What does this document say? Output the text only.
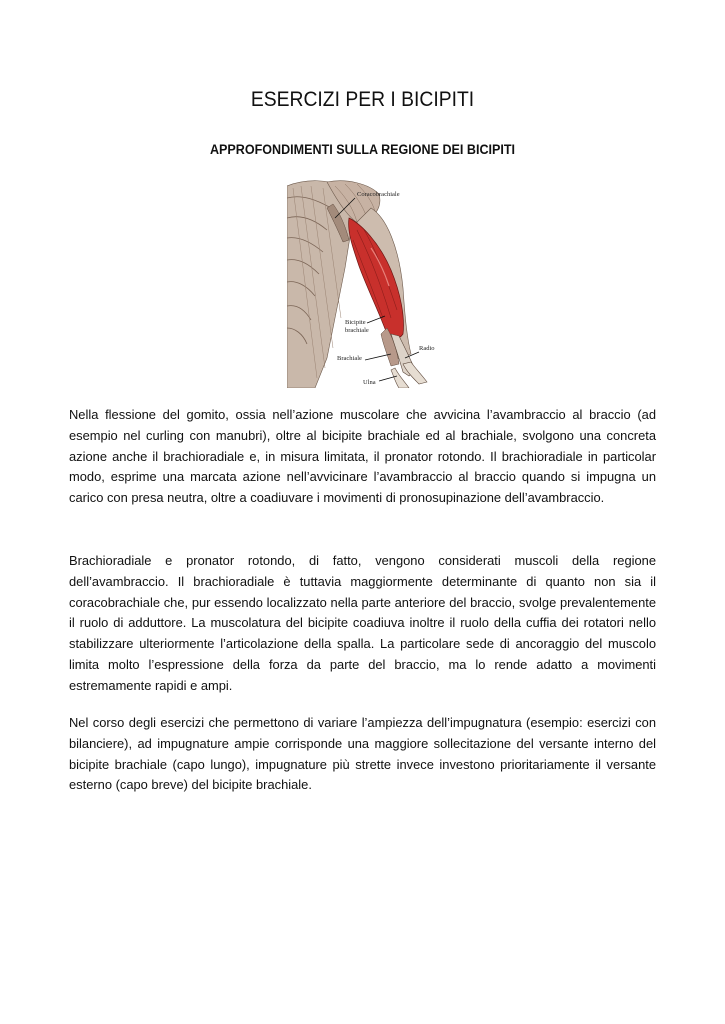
ESERCIZI PER I BICIPITI
APPROFONDIMENTI SULLA REGIONE DEI BICIPITI
Coracobrachiale
Bicipite
brachiale
Brachiale
Radio
Ulna

Nella flessione del gomito, ossia nell’azione muscolare che avvicina l’avambraccio al braccio (ad esempio nel curling con manubri), oltre al bicipite brachiale ed al brachiale, svolgono una concreta azione anche il brachioradiale e, in misura limitata, il pronator rotondo. Il brachioradiale in particolar modo, esprime una marcata azione nell’avvicinare l’avambraccio al braccio quando si impugna un carico con presa neutra, oltre a coadiuvare i movimenti di pronosupinazione dell’avambraccio.

Brachioradiale e pronator rotondo, di fatto, vengono considerati muscoli della regione dell’avambraccio. Il brachioradiale è tuttavia maggiormente determinante di quanto non sia il coracobrachiale che, pur essendo localizzato nella parte anteriore del braccio, svolge prevalentemente il ruolo di adduttore. La muscolatura del bicipite coadiuva inoltre il ruolo della cuffia dei rotatori nello stabilizzare ulteriormente l’articolazione della spalla. La particolare sede di ancoraggio del muscolo limita molto l’espressione della forza da parte del braccio, ma lo rende adatto a movimenti estremamente rapidi e ampi.

Nel corso degli esercizi che permettono di variare l’ampiezza dell’impugnatura (esempio: esercizi con bilanciere), ad impugnature ampie corrisponde una maggiore sollecitazione del versante interno del bicipite brachiale (capo lungo), impugnature più strette invece investono prioritariamente il versante esterno (capo breve) del bicipite brachiale.
